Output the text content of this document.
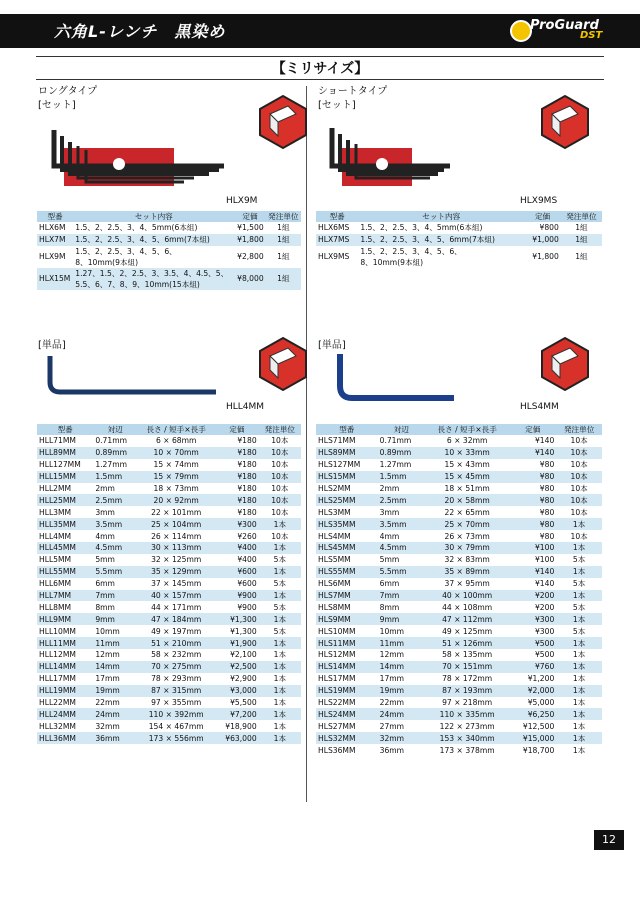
六角L-レンチ　黒染め	ProGuard
DST
【ミリサイズ】
ロングタイプ
[セット]
HLX9M
型番	セット内容	定価	発注単位
HLX6M	1.5、2、2.5、3、4、5mm(6本組)	¥1,500	1組
HLX7M	1.5、2、2.5、3、4、5、6mm(7本組)	¥1,800	1組
HLX9M	1.5、2、2.5、3、4、5、6、
8、10mm(9本組)	¥2,800	1組
HLX15M	1.27、1.5、2、2.5、3、3.5、4、4.5、5、
5.5、6、7、8、9、10mm(15本組)	¥8,000	1組
[単品]
HLL4MM
型番	対辺	長さ / 短手×長手	定価	発注単位
HLL71MM	0.71mm	6 × 68mm	¥180	10本
HLL89MM	0.89mm	10 × 70mm	¥180	10本
HLL127MM	1.27mm	15 × 74mm	¥180	10本
HLL15MM	1.5mm	15 × 79mm	¥180	10本
HLL2MM	2mm	18 × 73mm	¥180	10本
HLL25MM	2.5mm	20 × 92mm	¥180	10本
HLL3MM	3mm	22 × 101mm	¥180	10本
HLL35MM	3.5mm	25 × 104mm	¥300	1本
HLL4MM	4mm	26 × 114mm	¥260	10本
HLL45MM	4.5mm	30 × 113mm	¥400	1本
HLL5MM	5mm	32 × 125mm	¥400	5本
HLL55MM	5.5mm	35 × 129mm	¥600	1本
HLL6MM	6mm	37 × 145mm	¥600	5本
HLL7MM	7mm	40 × 157mm	¥900	1本
HLL8MM	8mm	44 × 171mm	¥900	5本
HLL9MM	9mm	47 × 184mm	¥1,300	1本
HLL10MM	10mm	49 × 197mm	¥1,300	5本
HLL11MM	11mm	51 × 210mm	¥1,900	1本
HLL12MM	12mm	58 × 232mm	¥2,100	1本
HLL14MM	14mm	70 × 275mm	¥2,500	1本
HLL17MM	17mm	78 × 293mm	¥2,900	1本
HLL19MM	19mm	87 × 315mm	¥3,000	1本
HLL22MM	22mm	97 × 355mm	¥5,500	1本
HLL24MM	24mm	110 × 392mm	¥7,200	1本
HLL32MM	32mm	154 × 467mm	¥18,900	1本
HLL36MM	36mm	173 × 556mm	¥63,000	1本
ショートタイプ
[セット]
HLX9MS
型番	セット内容	定価	発注単位
HLX6MS	1.5、2、2.5、3、4、5mm(6本組)	¥800	1組
HLX7MS	1.5、2、2.5、3、4、5、6mm(7本組)	¥1,000	1組
HLX9MS	1.5、2、2.5、3、4、5、6、
8、10mm(9本組)	¥1,800	1組
[単品]
HLS4MM
型番	対辺	長さ / 短手×長手	定価	発注単位
HLS71MM	0.71mm	6 × 32mm	¥140	10本
HLS89MM	0.89mm	10 × 33mm	¥140	10本
HLS127MM	1.27mm	15 × 43mm	¥80	10本
HLS15MM	1.5mm	15 × 45mm	¥80	10本
HLS2MM	2mm	18 × 51mm	¥80	10本
HLS25MM	2.5mm	20 × 58mm	¥80	10本
HLS3MM	3mm	22 × 65mm	¥80	10本
HLS35MM	3.5mm	25 × 70mm	¥80	1本
HLS4MM	4mm	26 × 73mm	¥80	10本
HLS45MM	4.5mm	30 × 79mm	¥100	1本
HLS5MM	5mm	32 × 83mm	¥100	5本
HLS55MM	5.5mm	35 × 89mm	¥140	1本
HLS6MM	6mm	37 × 95mm	¥140	5本
HLS7MM	7mm	40 × 100mm	¥200	1本
HLS8MM	8mm	44 × 108mm	¥200	5本
HLS9MM	9mm	47 × 112mm	¥300	1本
HLS10MM	10mm	49 × 125mm	¥300	5本
HLS11MM	11mm	51 × 126mm	¥500	1本
HLS12MM	12mm	58 × 135mm	¥500	1本
HLS14MM	14mm	70 × 151mm	¥760	1本
HLS17MM	17mm	78 × 172mm	¥1,200	1本
HLS19MM	19mm	87 × 193mm	¥2,000	1本
HLS22MM	22mm	97 × 218mm	¥5,000	1本
HLS24MM	24mm	110 × 335mm	¥6,250	1本
HLS27MM	27mm	122 × 273mm	¥12,500	1本
HLS32MM	32mm	153 × 340mm	¥15,000	1本
HLS36MM	36mm	173 × 378mm	¥18,700	1本
12
